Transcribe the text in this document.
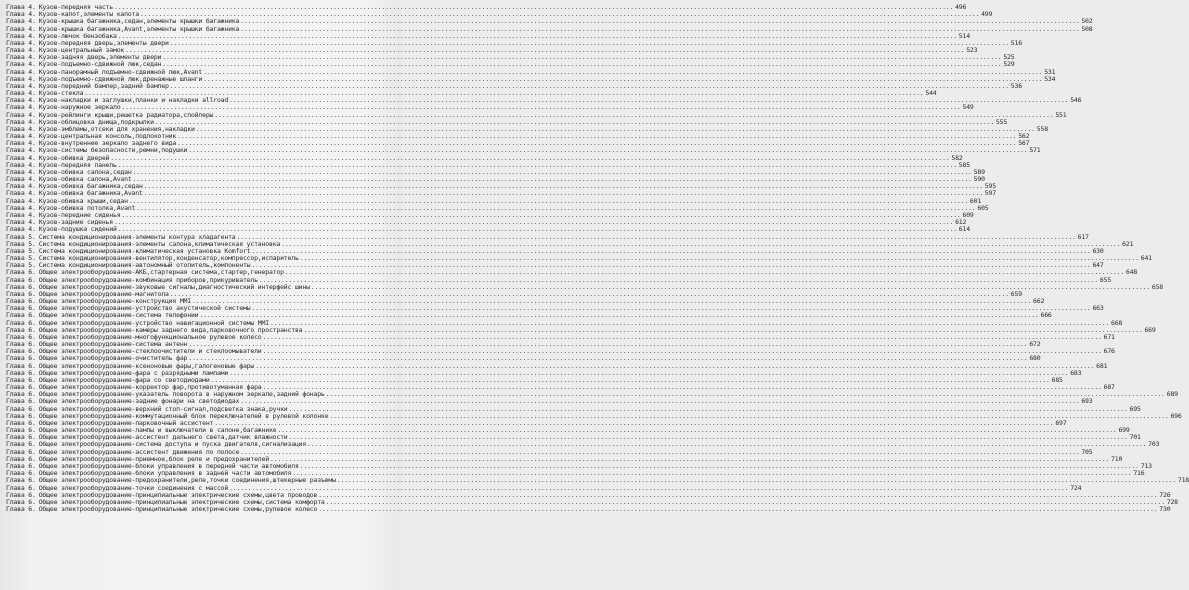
Глава 4. Кузов-передняя часть .....	496
Глава 4. Кузов-капот,элементы капота .....	499
Глава 4. Кузов-крышка багажника,седан,элементы крышки багажника .....	502
Глава 4. Кузов-крышка багажника,Avant,элементы крышки багажника .....	508
Глава 4. Кузов-лючок бензобака .....	514
Глава 4. Кузов-передняя дверь,элементы двери .....	516
Глава 4. Кузов-центральный замок .....	523
Глава 4. Кузов-задняя дверь,элементы двери .....	525
Глава 4. Кузов-подъемно-сдвижной люк,седан .....	529
Глава 4. Кузов-панорамный подъемно-сдвижной люк,Avant .....	531
Глава 4. Кузов-подъемно-сдвижной люк,дренажные шланги .....	534
Глава 4. Кузов-передний бампер,задний бампер .....	536
Глава 4. Кузов-стекла .....	544
Глава 4. Кузов-накладки и заглушки,планки и накладки allroad .....	546
Глава 4. Кузов-наружное зеркало .....	549
Глава 4. Кузов-рейлинги крыши,решетка радиатора,спойлеры .....	551
Глава 4. Кузов-облицовка днища,подкрылки .....	555
Глава 4. Кузов-эмблемы,отсеки для хранения,накладки .....	558
Глава 4. Кузов-центральная консоль,подлокотник .....	562
Глава 4. Кузов-внутреннее зеркало заднего вида .....	567
Глава 4. Кузов-системы безопасности,ремни,подушки .....	571
Глава 4. Кузов-обивка дверей .....	582
Глава 4. Кузов-передняя панель .....	585
Глава 4. Кузов-обивка салона,седан .....	589
Глава 4. Кузов-обивка салона,Avant .....	590
Глава 4. Кузов-обивка багажника,седан .....	595
Глава 4. Кузов-обивка багажника,Avant .....	597
Глава 4. Кузов-обивка крыши,седан .....	601
Глава 4. Кузов-обивка потолка,Avant .....	605
Глава 4. Кузов-передние сиденья .....	609
Глава 4. Кузов-задние сиденья .....	612
Глава 4. Кузов-подушка сидений .....	614
Глава 5. Система кондиционирования-элементы контура хладагента .....	617
Глава 5. Система кондиционирования-элементы салона,климатическая установка .....	621
Глава 5. Система кондиционирования-климатическая установка Komfort .....	630
Глава 5. Система кондиционирования-вентилятор,конденсатор,компрессор,испаритель .....	641
Глава 5. Система кондиционирования-автономный отопитель,компоненты .....	647
Глава 6. Общее электрооборудование-АКБ,стартерная система,стартер,генератор .....	648
Глава 6. Общее электрооборудование-комбинация приборов,прикуриватель .....	655
Глава 6. Общее электрооборудование-звуковые сигналы,диагностический интерфейс шины .....	658
Глава 6. Общее электрооборудование-магнитола .....	659
Глава 6. Общее электрооборудование-конструкция MMI .....	662
Глава 6. Общее электрооборудование-устройство акустической системы .....	663
Глава 6. Общее электрооборудование-система телефонии .....	666
Глава 6. Общее электрооборудование-устройство навигационной системы MMI .....	668
Глава 6. Общее электрооборудование-камеры заднего вида,парковочного пространства .....	669
Глава 6. Общее электрооборудование-многофункциональное рулевое колесо .....	671
Глава 6. Общее электрооборудование-система антенн .....	672
Глава 6. Общее электрооборудование-стеклоочистители и стеклоомыватели .....	676
Глава 6. Общее электрооборудование-очиститель фар .....	680
Глава 6. Общее электрооборудование-ксеноновые фары,галогеновые фары .....	681
Глава 6. Общее электрооборудование-фара с разрядными лампами .....	683
Глава 6. Общее электрооборудование-фара со светодиодами .....	685
Глава 6. Общее электрооборудование-корректор фар,противотуманная фара .....	687
Глава 6. Общее электрооборудование-указатель поворота в наружном зеркале,задний фонарь .....	689
Глава 6. Общее электрооборудование-задние фонари на светодиодах .....	693
Глава 6. Общее электрооборудование-верхний стоп-сигнал,подсветка знака,ручки .....	695
Глава 6. Общее электрооборудование-коммутационный блок переключателей в рулевой колонке .....	696
Глава 6. Общее электрооборудование-парковочный ассистент .....	697
Глава 6. Общее электрооборудование-лампы и выключатели в салоне,багажнике .....	699
Глава 6. Общее электрооборудование-ассистент дальнего света,датчик влажности .....	701
Глава 6. Общее электрооборудование-система доступа и пуска двигателя,сигнализация .....	703
Глава 6. Общее электрооборудование-ассистент движения по полосе .....	705
Глава 6. Общее электрооборудование-приемное,блок реле и предохранителей .....	710
Глава 6. Общее электрооборудование-блоки управления в передней части автомобиля .....	713
Глава 6. Общее электрооборудование-блоки управления в задней части автомобиля .....	716
Глава 6. Общее электрооборудование-предохранители,реле,точки соединения,штекерные разъемы .....	718
Глава 6. Общее электрооборудование-точки соединения с массой .....	724
Глава 6. Общее электрооборудование-принципиальные электрические схемы,цвета проводов .....	726
Глава 6. Общее электрооборудование-принципиальные электрические схемы,система комфорта .....	728
Глава 6. Общее электрооборудование-принципиальные электрические схемы,рулевое колесо .....	730
